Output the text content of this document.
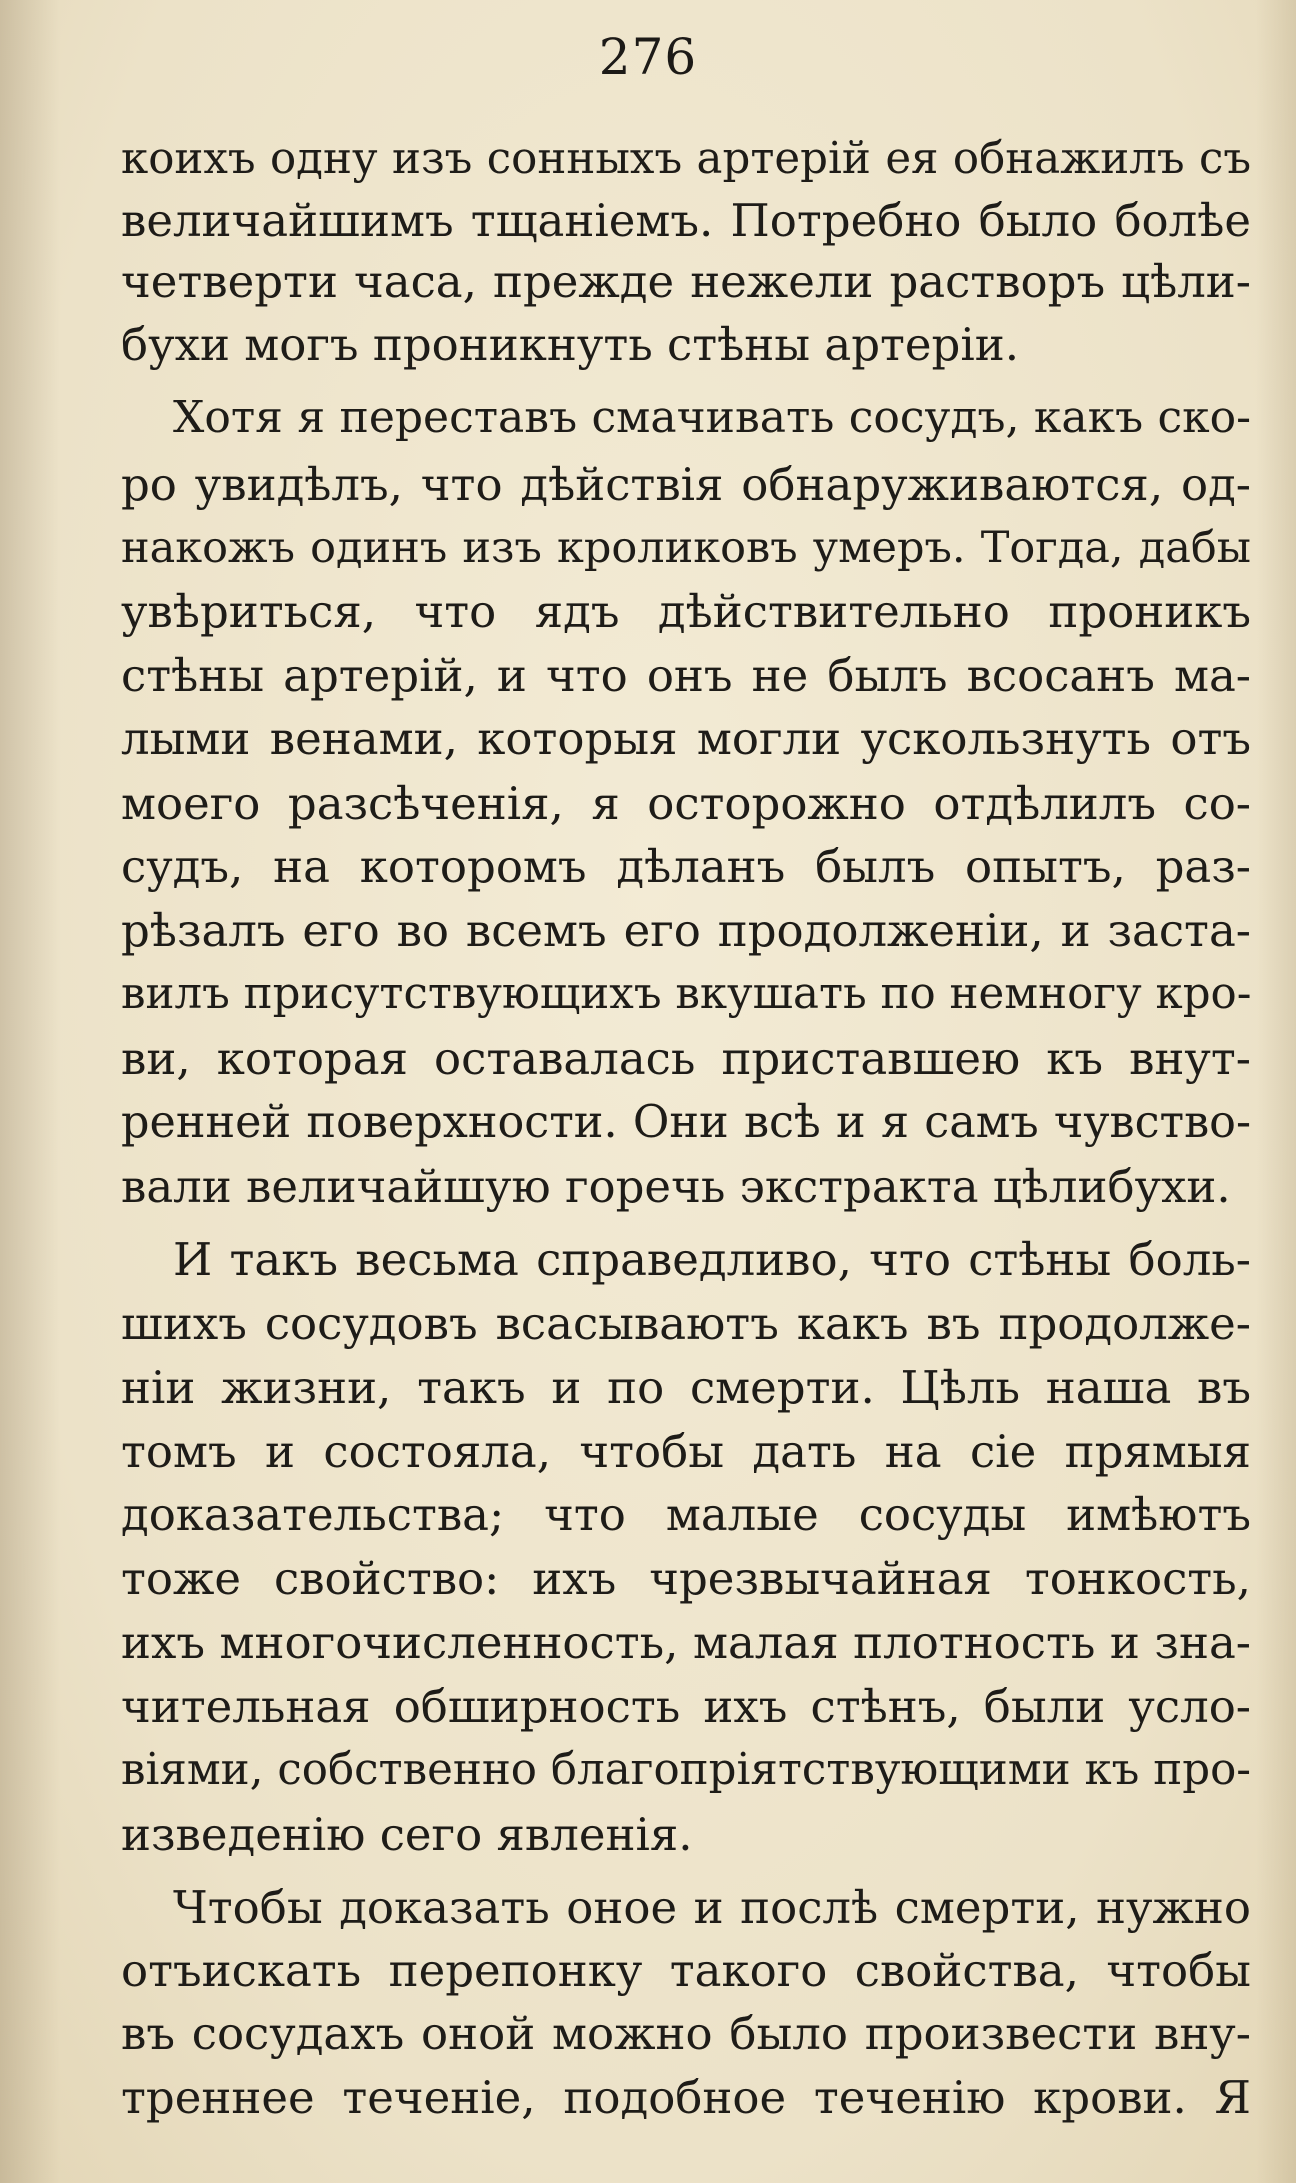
276
коихъ одну изъ сонныхъ артерій ея обнажилъ съ
величайшимъ тщаніемъ. Потребно было болѣе
четверти часа, прежде нежели растворъ цѣли-
бухи могъ проникнуть стѣны артеріи.
Хотя я переставъ смачивать сосудъ, какъ ско-
ро увидѣлъ, что дѣйствія обнаруживаются, од-
накожъ одинъ изъ кроликовъ умеръ. Тогда, дабы
увѣриться, что ядъ дѣйствительно проникъ
стѣны артерій, и что онъ не былъ всосанъ ма-
лыми венами, которыя могли ускользнуть отъ
моего разсѣченія, я осторожно отдѣлилъ со-
судъ, на которомъ дѣланъ былъ опытъ, раз-
рѣзалъ его во всемъ его продолженіи, и заста-
вилъ присутствующихъ вкушать по немногу кро-
ви, которая оставалась приставшею къ внут-
ренней поверхности. Они всѣ и я самъ чувство-
вали величайшую горечь экстракта цѣлибухи.
И такъ весьма справедливо, что стѣны боль-
шихъ сосудовъ всасываютъ какъ въ продолже-
ніи жизни, такъ и по смерти. Цѣль наша въ
томъ и состояла, чтобы дать на сіе прямыя
доказательства; что малые сосуды имѣютъ
тоже свойство: ихъ чрезвычайная тонкость,
ихъ многочисленность, малая плотность и зна-
чительная обширность ихъ стѣнъ, были усло-
віями, собственно благопріятствующими къ про-
изведенію сего явленія.
Чтобы доказать оное и послѣ смерти, нужно
отъискать перепонку такого свойства, чтобы
въ сосудахъ оной можно было произвести вну-
треннее теченіе, подобное теченію крови. Я
